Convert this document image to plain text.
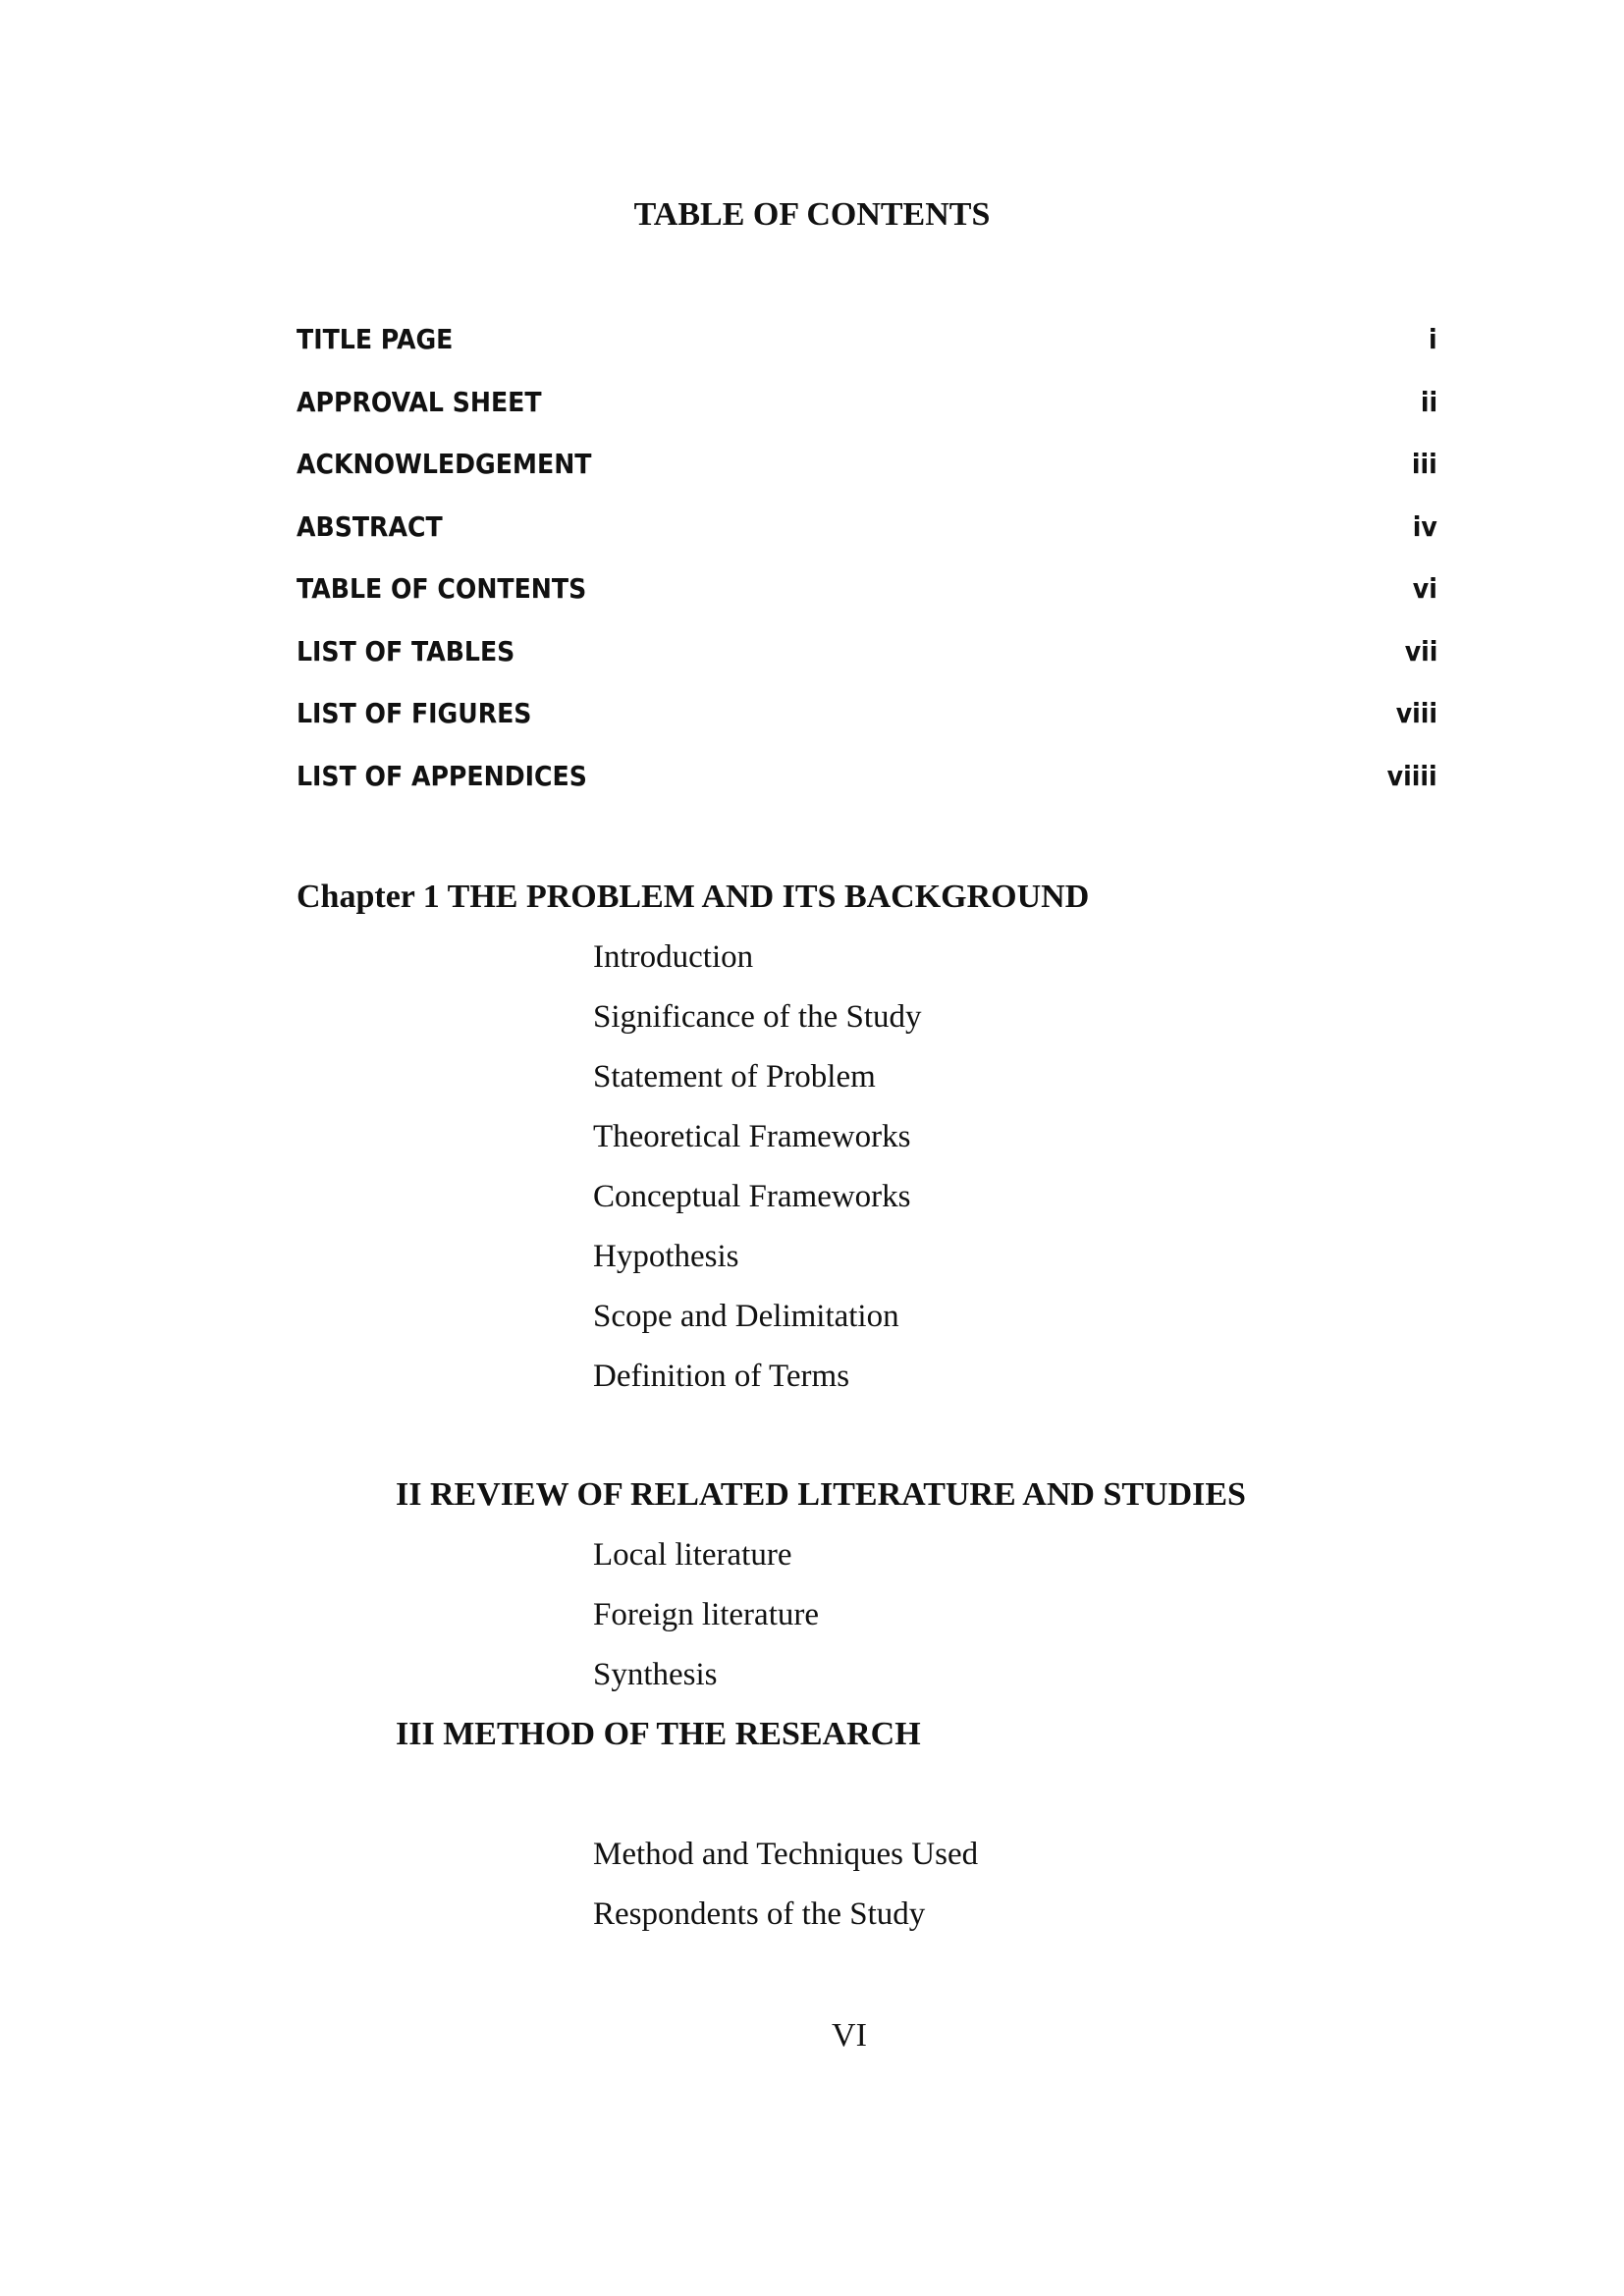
TABLE OF CONTENTS
TITLE PAGE	i
APPROVAL SHEET	ii
ACKNOWLEDGEMENT	iii
ABSTRACT	iv
TABLE OF CONTENTS	vi
LIST OF TABLES	vii
LIST OF FIGURES	viii
LIST OF APPENDICES	viiii
Chapter 1 THE PROBLEM AND ITS BACKGROUND
Introduction
Significance of the Study
Statement of Problem
Theoretical Frameworks
Conceptual Frameworks
Hypothesis
Scope and Delimitation
Definition of Terms
II REVIEW OF RELATED LITERATURE AND STUDIES
Local literature
Foreign literature
Synthesis
III METHOD OF THE RESEARCH
Method and Techniques Used
Respondents of the Study

VI
